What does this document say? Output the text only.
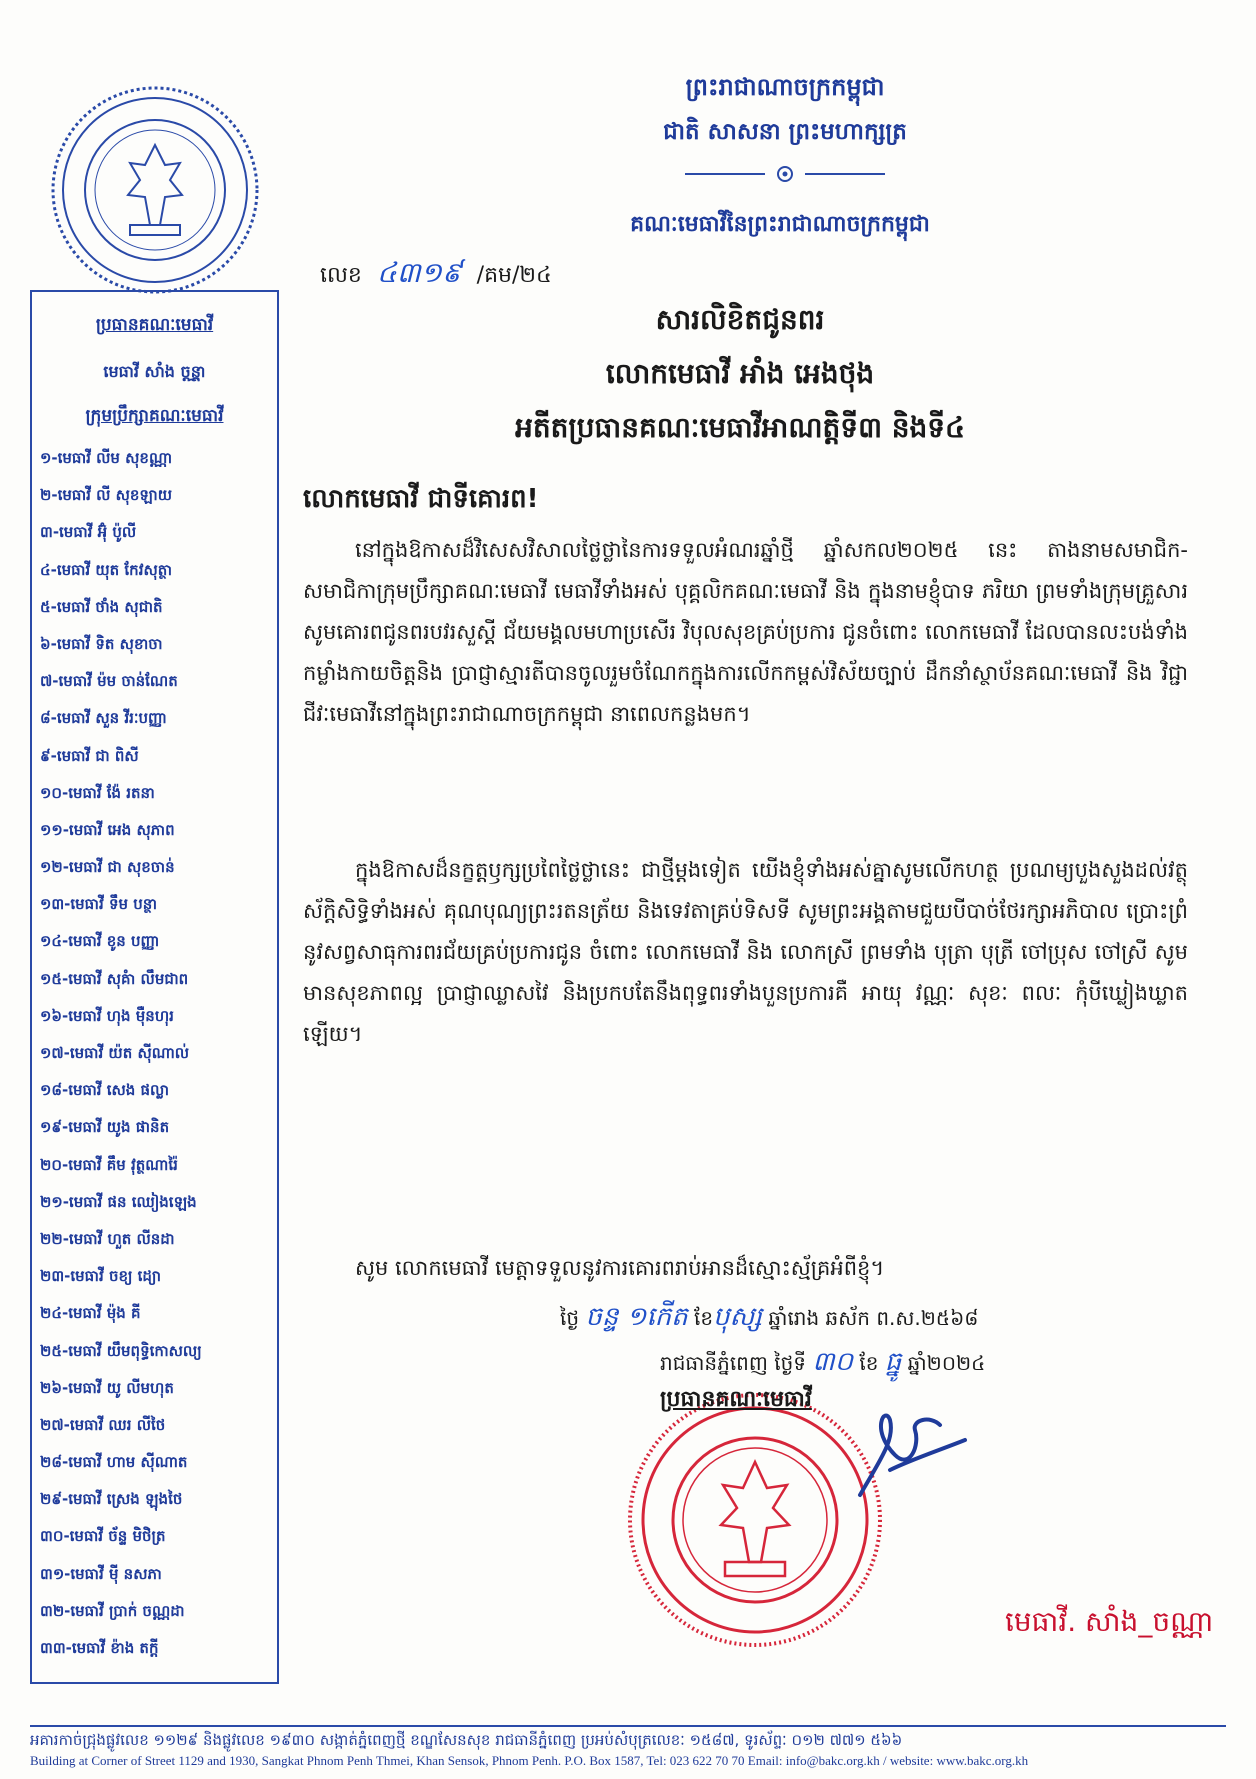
ព្រះរាជាណាចក្រកម្ពុជា
ជាតិ សាសនា ព្រះមហាក្សត្រ
គណៈមេធាវីនៃព្រះរាជាណាចក្រកម្ពុជា
ប្រធានគណៈមេធាវី
មេធាវី សាំង ចន្ថ្ណា
ក្រុមប្រឹក្សាគណៈមេធាវី
១-មេធាវី លីម សុខណ្ណា
២-មេធាវី លី សុខឡាយ
៣-មេធាវី អ៊ុំ ប៉ូលី
៤-មេធាវី យុត កែវសុត្ថា
៥-មេធាវី ថាំង សុជាតិ
៦-មេធាវី ទិត សុខាចា
៧-មេធាវី ម៉ម ចាន់ណែត
៨-មេធាវី សួន វីរៈបញ្ញា
៩-មេធាវី ជា ពិសី
១០-មេធាវី ង៉ែ រតនា
១១-មេធាវី អេង សុភាព
១២-មេធាវី ជា សុខចាន់
១៣-មេធាវី ទឹម បន្ថា
១៤-មេធាវី ខូន បញ្ញា
១៥-មេធាវី សុគំា លឹមជាព
១៦-មេធាវី ហុង ម៉ឺនហុរ
១៧-មេធាវី យ៉ត ស៊ីណាល់
១៨-មេធាវី សេង ផល្លា
១៩-មេធាវី យូង ផានិត
២០-មេធាវី គឹម វុត្ថណារ៉ៃ
២១-មេធាវី ផន ឈៀងឡេង
២២-មេធាវី ហួត លីនដា
២៣-មេធាវី ចខ្យ ដ្យោ
២៤-មេធាវី ម៉ុង គី
២៥-មេធាវី យឹមពុទ្ធិកោសល្យ
២៦-មេធាវី យូ លីមហុត
២៧-មេធាវី ឈរ លីថៃ
២៨-មេធាវី ហាម ស៊ីណាត
២៩-មេធាវី ស្រេង ឡុងថៃ
៣០-មេធាវី ច័ន្ទ មិថិត្រ
៣១-មេធាវី ម៉ី នសភា
៣២-មេធាវី ប្រាក់ ចណ្ណដា
៣៣-មេធាវី ខ៉ាង តក្ដី
លេខ ៤៣១៩ /គម/២៤
សារលិខិតជូនពរ
លោកមេធាវី អាំង អេងថុង
អតីតប្រធានគណៈមេធាវីអាណត្តិទី៣ និងទី៤
លោកមេធាវី ជាទីគោរព!
នៅក្នុងឱកាសដ៏វិសេសវិសាលថ្លៃថ្លានៃការទទួលអំណរឆ្នាំថ្មី ឆ្នាំសកល២០២៥ នេះ តាងនាមសមាជិក-សមាជិកាក្រុមប្រឹក្សាគណៈមេធាវី មេធាវីទាំងអស់ បុគ្គលិកគណៈមេធាវី និង ក្នុងនាមខ្ញុំបាទ ភរិយា ព្រមទាំងក្រុមគ្រួសារ សូមគោរពជូនពរបវរសួស្ដី ជ័យមង្គលមហាប្រសើរ វិបុលសុខគ្រប់ប្រការ ជូនចំពោះ លោកមេធាវី ដែលបានលះបង់ទាំងកម្លាំងកាយចិត្តនិង ប្រាជ្ញាស្មារតីបានចូលរួមចំណែកក្នុងការលើកកម្ពស់វិស័យច្បាប់ ដឹកនាំស្ថាប័នគណៈមេធាវី និង វិជ្ជាជីវៈមេធាវីនៅក្នុងព្រះរាជាណាចក្រកម្ពុជា នាពេលកន្លងមក។
ក្នុងឱកាសដ៏នក្ខត្តឫក្សប្រពៃថ្លៃថ្លានេះ ជាថ្មីម្តងទៀត យើងខ្ញុំទាំងអស់គ្នាសូមលើកហត្ថ ប្រណម្យបួងសួងដល់វត្ថុស័ក្តិសិទ្ធិទាំងអស់ គុណបុណ្យព្រះរតនត្រ័យ និងទេវតាគ្រប់ទិសទី សូមព្រះអង្គតាមជួយបីបាច់ថែរក្សាអភិបាល ប្រោះព្រំនូវសព្វសាធុការពរជ័យគ្រប់ប្រការជូន ចំពោះ លោកមេធាវី និង លោកស្រី ព្រមទាំង បុត្រា បុត្រី ចៅប្រុស ចៅស្រី សូម មានសុខភាពល្អ ប្រាជ្ញាឈ្លាសវៃ និងប្រកបតែនឹងពុទ្ធពរទាំងបួនប្រការគឺ អាយុ វណ្ណៈ សុខៈ ពលៈ កុំបីឃ្លៀងឃ្លាតឡើយ។
សូម លោកមេធាវី មេត្តាទទួលនូវការគោរពរាប់អានដ៏ស្មោះស្ម័គ្រអំពីខ្ញុំ។
ថ្ងៃ ចន្ទ ១កើត ខែបុស្ស ឆ្នាំរោង ឆស័ក ព.ស.២៥៦៨
រាជធានីភ្នំពេញ ថ្ងៃទី ៣០ ខែ ធ្នូ ឆ្នាំ២០២៤
ប្រធានគណៈមេធាវី
មេធាវី. សាំង_ចណ្ណា
អគារកាច់ជ្រុងផ្លូវលេខ ១១២៩ និងផ្លូវលេខ ១៩៣០ សង្កាត់ភ្នំពេញថ្មី ខណ្ឌសែនសុខ រាជធានីភ្នំពេញ ប្រអប់សំបុត្រលេខៈ ១៥៨៧, ទូរស័ព្ទៈ ០១២ ៧៧១ ៥៦៦
Building at Corner of Street 1129 and 1930, Sangkat Phnom Penh Thmei, Khan Sensok, Phnom Penh. P.O. Box 1587, Tel: 023 622 70 70 Email: info@bakc.org.kh / website: www.bakc.org.kh
